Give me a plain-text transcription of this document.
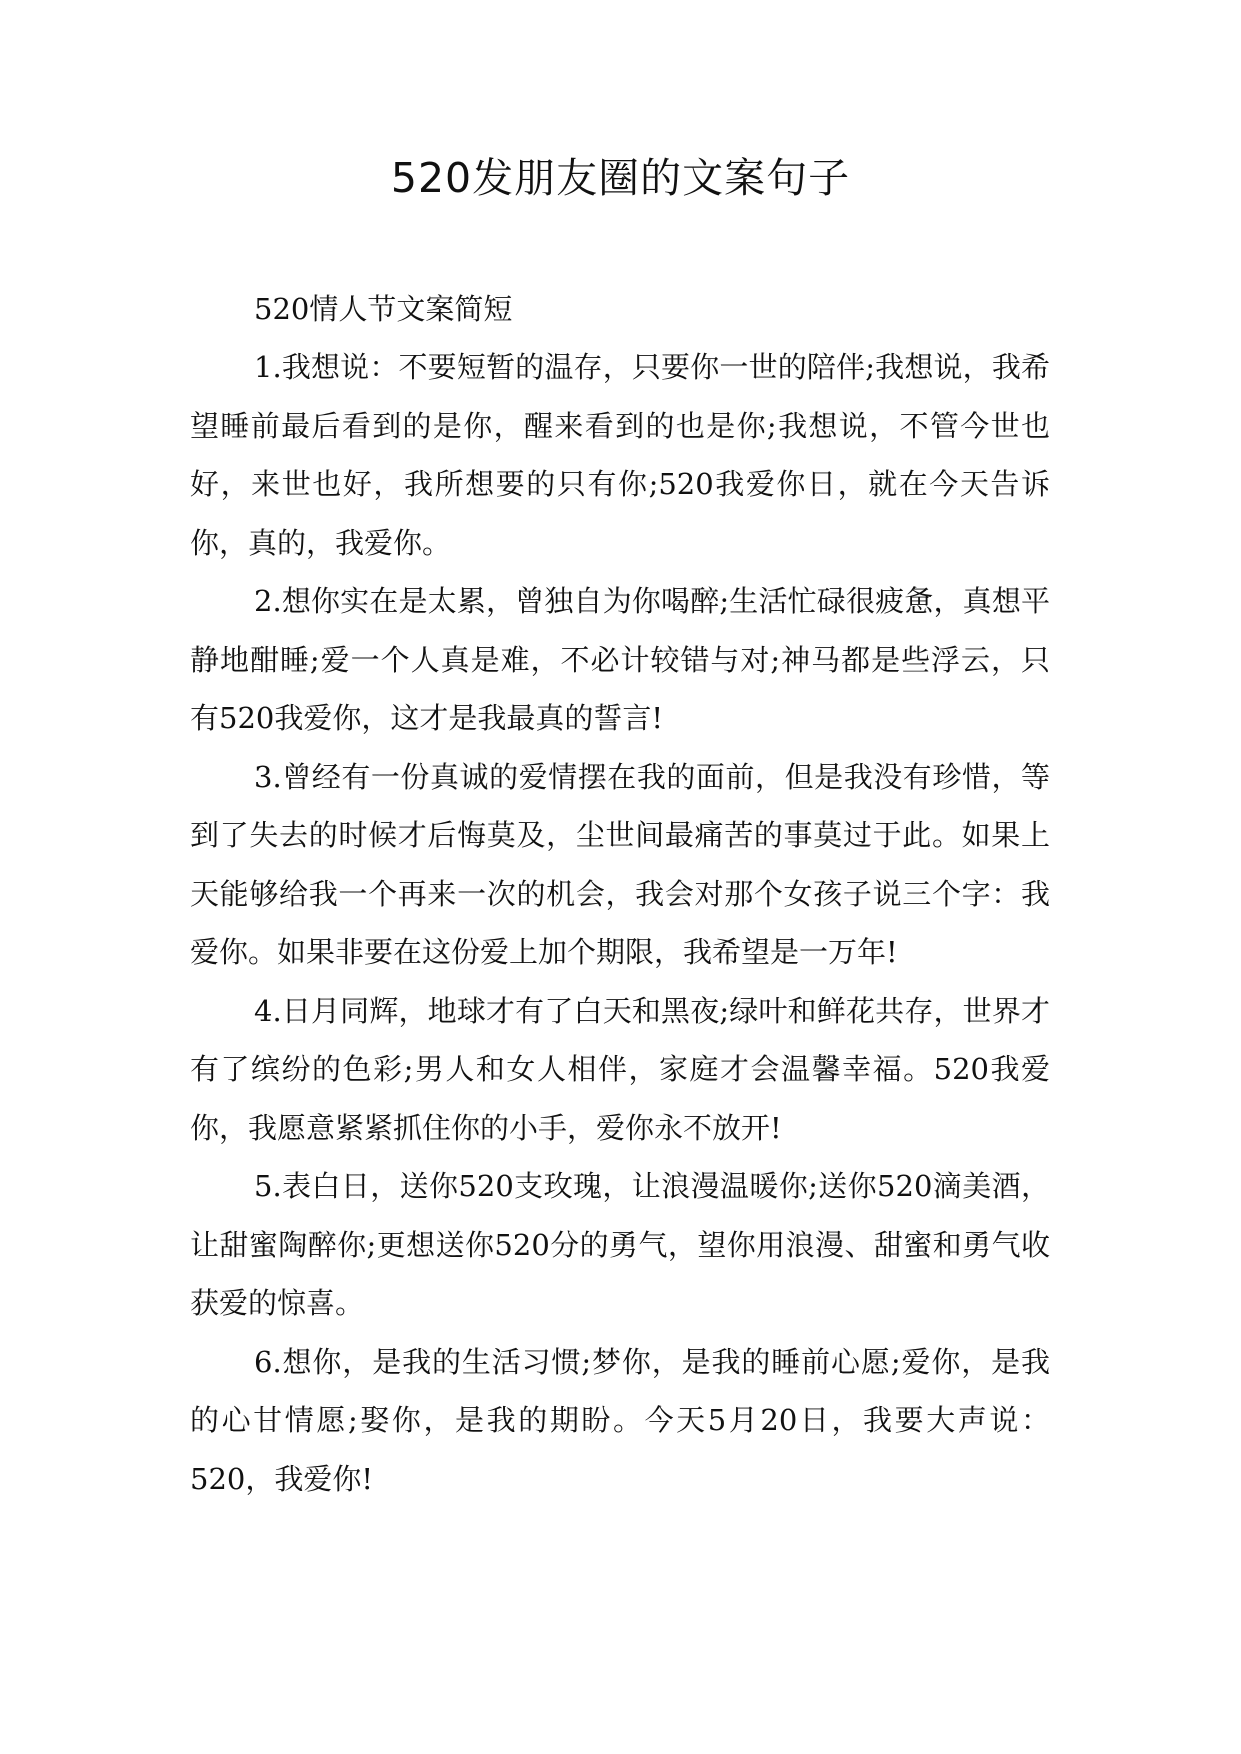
520发朋友圈的文案句子

520情人节文案简短

1.我想说：不要短暂的温存，只要你一世的陪伴;我想说，我希望睡前最后看到的是你，醒来看到的也是你;我想说，不管今世也好，来世也好，我所想要的只有你;520我爱你日，就在今天告诉你，真的，我爱你。

2.想你实在是太累，曾独自为你喝醉;生活忙碌很疲惫，真想平静地酣睡;爱一个人真是难，不必计较错与对;神马都是些浮云，只有520我爱你，这才是我最真的誓言!

3.曾经有一份真诚的爱情摆在我的面前，但是我没有珍惜，等到了失去的时候才后悔莫及，尘世间最痛苦的事莫过于此。如果上天能够给我一个再来一次的机会，我会对那个女孩子说三个字：我爱你。如果非要在这份爱上加个期限，我希望是一万年!

4.日月同辉，地球才有了白天和黑夜;绿叶和鲜花共存，世界才有了缤纷的色彩;男人和女人相伴，家庭才会温馨幸福。520我爱你，我愿意紧紧抓住你的小手，爱你永不放开!

5.表白日，送你520支玫瑰，让浪漫温暖你;送你520滴美酒，让甜蜜陶醉你;更想送你520分的勇气，望你用浪漫、甜蜜和勇气收获爱的惊喜。

6.想你，是我的生活习惯;梦你，是我的睡前心愿;爱你，是我的心甘情愿;娶你，是我的期盼。今天5月20日，我要大声说：520，我爱你!
